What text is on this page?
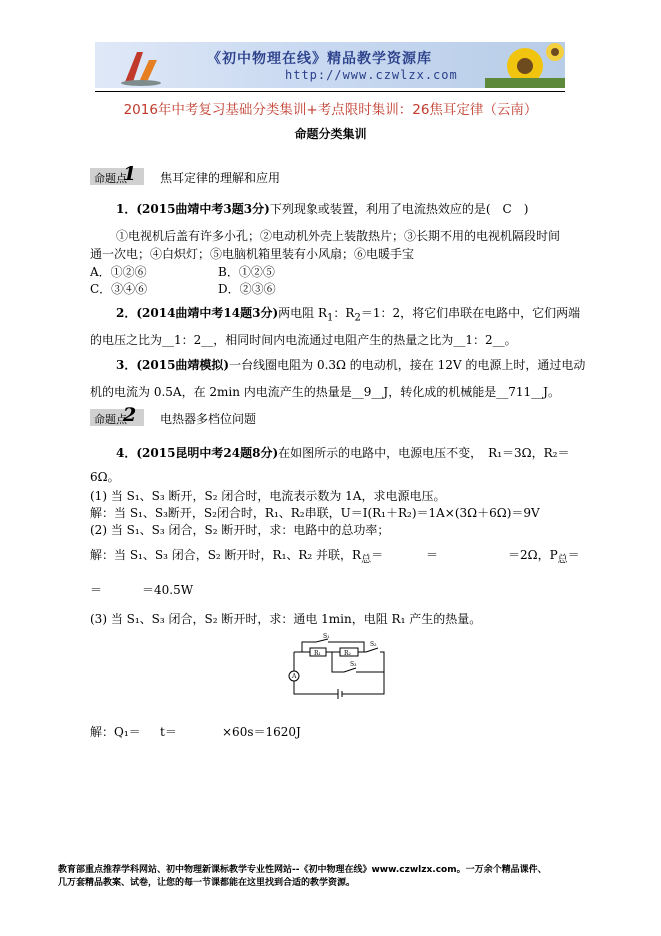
《初中物理在线》精品教学资源库
http://www.czwlzx.com
2016年中考复习基础分类集训+考点限时集训：26焦耳定律（云南）
命题分类集训
命题点
1 焦耳定律的理解和应用
1．(2015曲靖中考3题3分)下列现象或装置，利用了电流热效应的是(　C　)
①电视机后盖有许多小孔；②电动机外壳上装散热片；③长期不用的电视机隔段时间
通一次电；④白炽灯；⑤电脑机箱里装有小风扇；⑥电暖手宝
A．①②⑥	B．①②⑤
C．③④⑥	D．②③⑥
2．(2014曲靖中考14题3分)两电阻 $R_1$：$R_2=1$：2，将它们串联在电路中，它们两端
的电压之比为__1：2__，相同时间内电流通过电阻产生的热量之比为__1：2__。
3．(2015曲靖模拟)一台线圈电阻为 0.3Ω 的电动机，接在 12V 的电源上时，通过电动
机的电流为 0.5A，在 2min 内电流产生的热量是__9__J，转化成的机械能是__711__J。
命题点
2 电热器多档位问题
4．(2015昆明中考24题8分)在如图所示的电路中，电源电压不变，　R₁＝3Ω，R₂＝
6Ω。
(1) 当 S₁、S₃ 断开，S₂ 闭合时，电流表示数为 1A，求电源电压。
解：当 S₁、S₃断开，S₂闭合时，R₁、R₂串联，U＝I(R₁＋R₂)＝1A×(3Ω＋6Ω)＝9V
(2) 当 S₁、S₃ 闭合，S₂ 断开时，求：电路中的总功率；
解：当 S₁、S₃ 闭合，S₂ 断开时，R₁、R₂ 并联，$R_总=$	＝	＝2Ω，$P_总=$
＝	＝40.5W
(3) 当 S₁、S₃ 闭合，S₂ 断开时，求：通电 1min，电阻 R₁ 产生的热量。
S₁
R₁	R₂
S₂
S₃
A
解：Q₁＝ t＝	×60s＝1620J
教育部重点推荐学科网站、初中物理新课标教学专业性网站--《初中物理在线》www.czwlzx.com。一万余个精品课件、
几万套精品教案、试卷，让您的每一节课都能在这里找到合适的教学资源。
